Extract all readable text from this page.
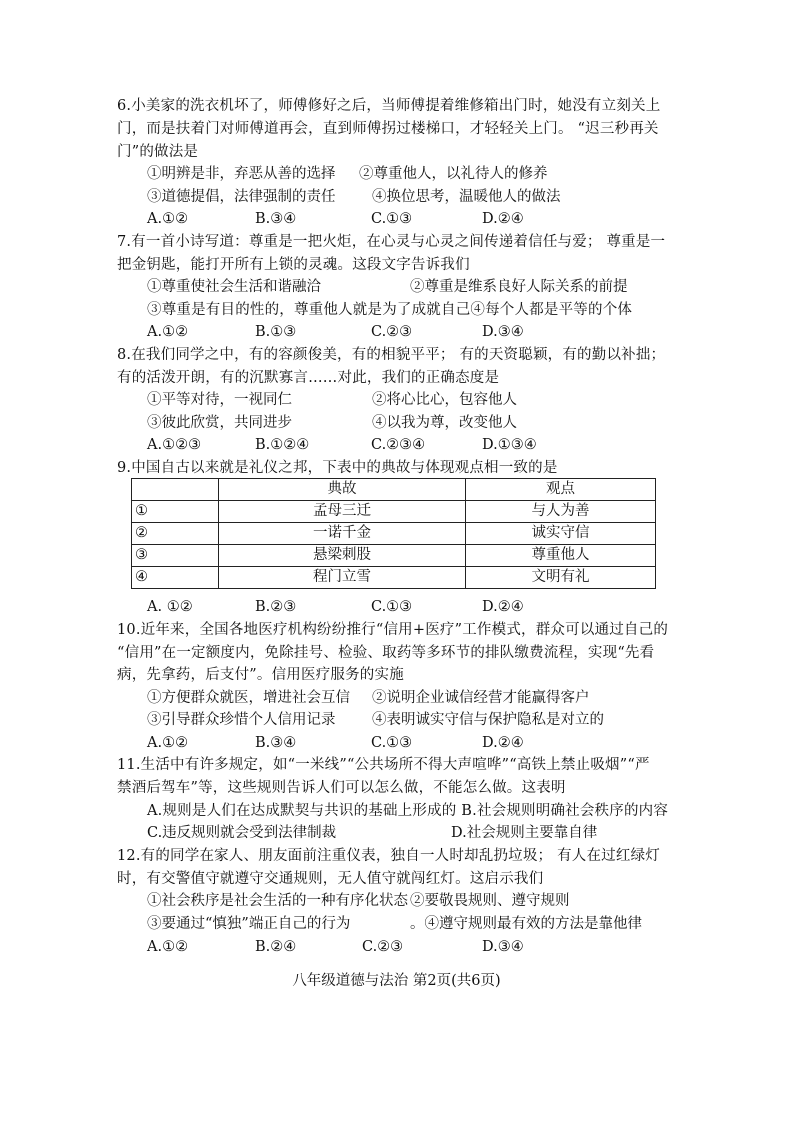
6.小美家的洗衣机坏了，师傅修好之后，当师傅提着维修箱出门时，她没有立刻关上
门，而是扶着门对师傅道再会，直到师傅拐过楼梯口，才轻轻关上门。 “迟三秒再关
门”的做法是
①明辨是非，弃恶从善的选择 ②尊重他人，以礼待人的修养
③道德提倡，法律强制的责任	④换位思考，温暖他人的做法
A.①②	B.③④	C.①③	D.②④
7.有一首小诗写道：尊重是一把火炬，在心灵与心灵之间传递着信任与爱； 尊重是一
把金钥匙，能打开所有上锁的灵魂。这段文字告诉我们
①尊重使社会生活和谐融洽	②尊重是维系良好人际关系的前提
③尊重是有目的性的，尊重他人就是为了成就自己④每个人都是平等的个体
A.①②	B.①③	C.②③	D.③④
8.在我们同学之中，有的容颜俊美，有的相貌平平； 有的天资聪颖，有的勤以补拙；
有的活泼开朗，有的沉默寡言……对此，我们的正确态度是
①平等对待，一视同仁	②将心比心，包容他人
③彼此欣赏，共同进步	④以我为尊，改变他人
A.①②③	B.①②④	C.②③④	D.①③④
9.中国自古以来就是礼仪之邦，下表中的典故与体现观点相一致的是
	典故	观点
①	孟母三迁	与人为善
②	一诺千金	诚实守信
③	悬梁刺股	尊重他人
④	程门立雪	文明有礼
A. ①②	B.②③	C.①③	D.②④
10.近年来，全国各地医疗机构纷纷推行“信用+医疗”工作模式，群众可以通过自己的
“信用”在一定额度内，免除挂号、检验、取药等多环节的排队缴费流程，实现“先看
病，先拿药，后支付”。信用医疗服务的实施
①方便群众就医，增进社会互信 ②说明企业诚信经营才能赢得客户
③引导群众珍惜个人信用记录	④表明诚实守信与保护隐私是对立的
A.①②	B.③④	C.①③	D.②④
11.生活中有许多规定，如“一米线”“公共场所不得大声喧哗”“高铁上禁止吸烟”“严
禁酒后驾车”等，这些规则告诉人们可以怎么做，不能怎么做。这表明
A.规则是人们在达成默契与共识的基础上形成的 B.社会规则明确社会秩序的内容
C.违反规则就会受到法律制裁	D.社会规则主要靠自律
12.有的同学在家人、朋友面前注重仪表，独自一人时却乱扔垃圾； 有人在过红绿灯
时，有交警值守就遵守交通规则，无人值守就闯红灯。这启示我们
①社会秩序是社会生活的一种有序化状态 ②要敬畏规则、遵守规则
③要通过“慎独”端正自己的行为	。④遵守规则最有效的方法是靠他律
A.①②	B.②④	C.②③	D.③④
八年级道德与法治 第2页(共6页)
